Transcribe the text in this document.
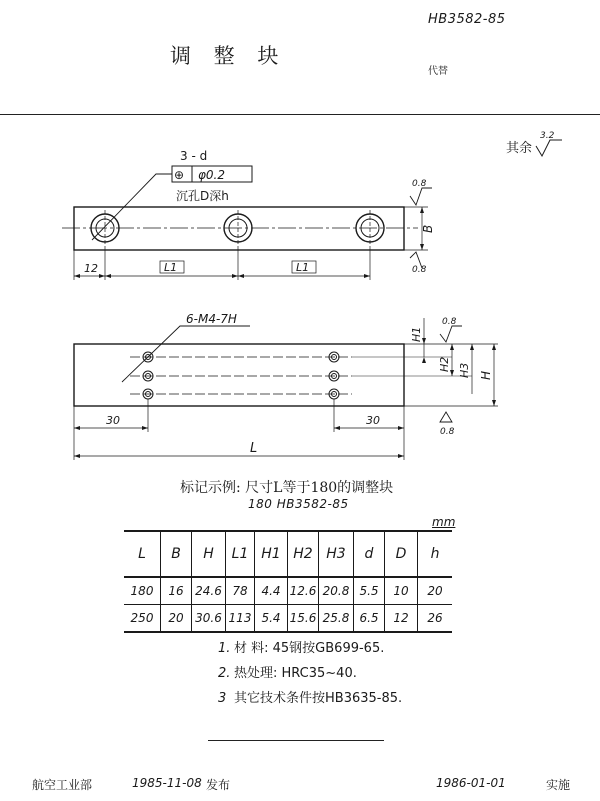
HB3582-85
代替
调 整 块
其余
3.2
3 - d
⊕ φ0.2
沉孔D深h
B
0.8
0.8
12	L1	L1
6-M4-7H
H1
H2 H3 H
0.8
0.8
30	30
L
标记示例: 尺寸L等于180的调整块
180 HB3582-85
mm
L	B	H	L1	H1	H2	H3	d	D	h
180	16	24.6	78	4.4	12.6	20.8	5.5	10	20
250	20	30.6	113	5.4	15.6	25.8	6.5	12	26
1. 材 料: 45钢按GB699-65.
2. 热处理: HRC35~40.
3 其它技术条件按HB3635-85.
航空工业部	1985-11-08 发布	1986-01-01	实施
